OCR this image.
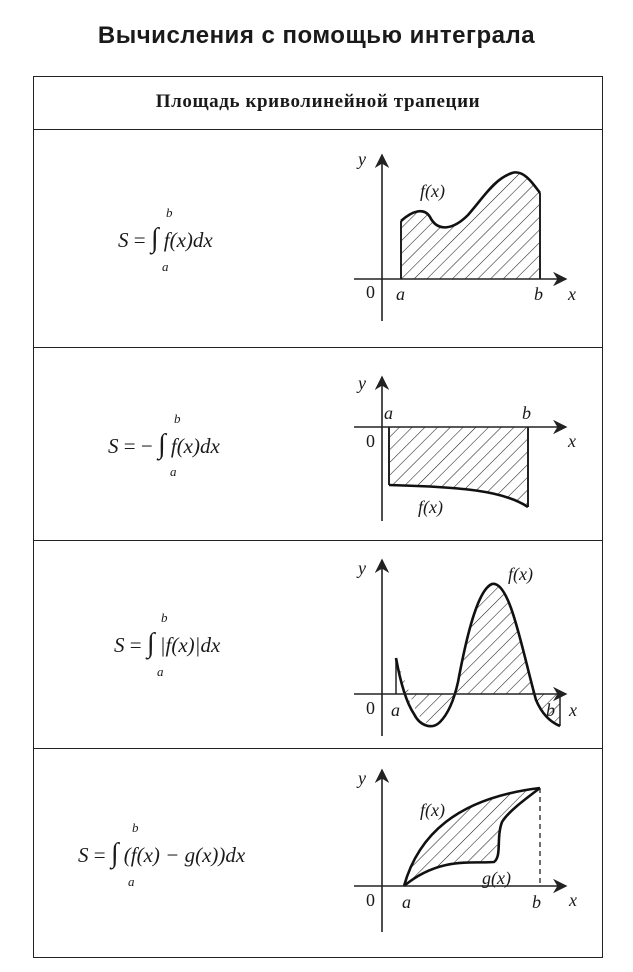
Вычисления с помощью интеграла
Площадь криволинейной трапеции
S = ∫ f(x)dx
b
a
y
x
0 a	b
f(x)
S = − ∫ f(x)dx
b
a
y
x
0
a	b
f(x)
S = ∫ |f(x)|dx
b
a
y
x
0 a	b
f(x)
S = ∫ (f(x) − g(x))dx
b
a
y
x
0 a	b
f(x)
g(x)
